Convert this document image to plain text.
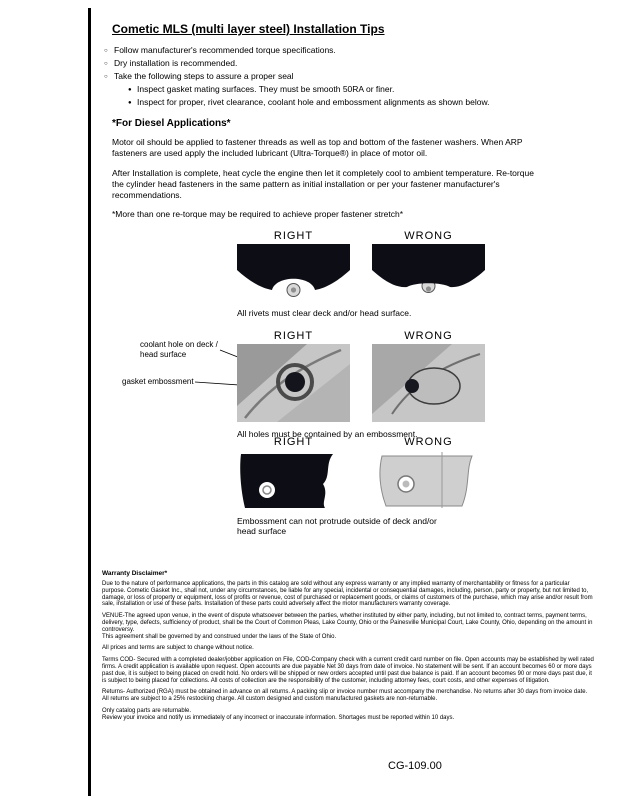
Cometic MLS (multi layer steel) Installation Tips
○ Follow manufacturer's recommended torque specifications.
○ Dry installation is recommended.
○ Take the following steps to assure a proper seal
● Inspect gasket mating surfaces. They must be smooth 50RA or finer.
● Inspect for proper, rivet clearance, coolant hole and embossment alignments as shown below.
*For Diesel Applications*

Motor oil should be applied to fastener threads as well as top and bottom of the fastener washers. When ARP fasteners are used apply the included lubricant (Ultra-Torque®) in place of motor oil.

After Installation is complete, heat cycle the engine then let it completely cool to ambient temperature. Re-torque the cylinder head fasteners in the same pattern as initial installation or per your fastener manufacturer's recommendations.

*More than one re-torque may be required to achieve proper fastener stretch*
RIGHT	WRONG
All rivets must clear deck and/or head surface.
coolant hole on deck / head surface
gasket embossment
RIGHT	WRONG
All holes must be contained by an embossment.
RIGHT	WRONG
Embossment can not protrude outside of deck and/or head surface
Warranty Disclaimer*

Due to the nature of performance applications, the parts in this catalog are sold without any express warranty or any implied warranty of merchantability or fitness for a particular purpose. Cometic Gasket Inc., shall not, under any circumstances, be liable for any special, incidental or consequential damages, including, person, party or property, but not limited to, damage, or loss of property or equipment, loss of profits or revenue, cost of purchased or replacement goods, or claims of customers of the purchase, which may arise and/or result from sale, installation or use of these parts. Installation of these parts could adversely affect the motor manufacturers warranty coverage.

VENUE-The agreed upon venue, in the event of dispute whatsoever between the parties, whether instituted by either party, including, but not limited to, contract terms, payment terms, delivery, type, defects, sufficiency of product, shall be the Court of Common Pleas, Lake County, Ohio or the Painesville Municipal Court, Lake County, Ohio, depending on the amount in controversy.

This agreement shall be governed by and construed under the laws of the State of Ohio.

All prices and terms are subject to change without notice.

Terms COD- Secured with a completed dealer/jobber application on File, COD-Company check with a current credit card number on file. Open accounts may be established by well rated firms. A credit application is available upon request. Open accounts are due payable Net 30 days from date of invoice. No statement will be sent. If an account becomes 60 or more days past due, it is subject to being placed on credit hold. No orders will be shipped or new orders accepted until past due balance is paid. If an account becomes 90 or more days past due, it is subject to being placed for collections. All costs of collection are the responsibility of the customer, including attorney fees, court costs, and other expenses of litigation.

Returns- Authorized (RGA) must be obtained in advance on all returns. A packing slip or invoice number must accompany the merchandise. No returns after 30 days from invoice date. All returns are subject to a 25% restocking charge. All custom designed and custom manufactured gaskets are non-returnable.

Only catalog parts are returnable.

Review your invoice and notify us immediately of any incorrect or inaccurate information. Shortages must be reported within 10 days.

CG-109.00
